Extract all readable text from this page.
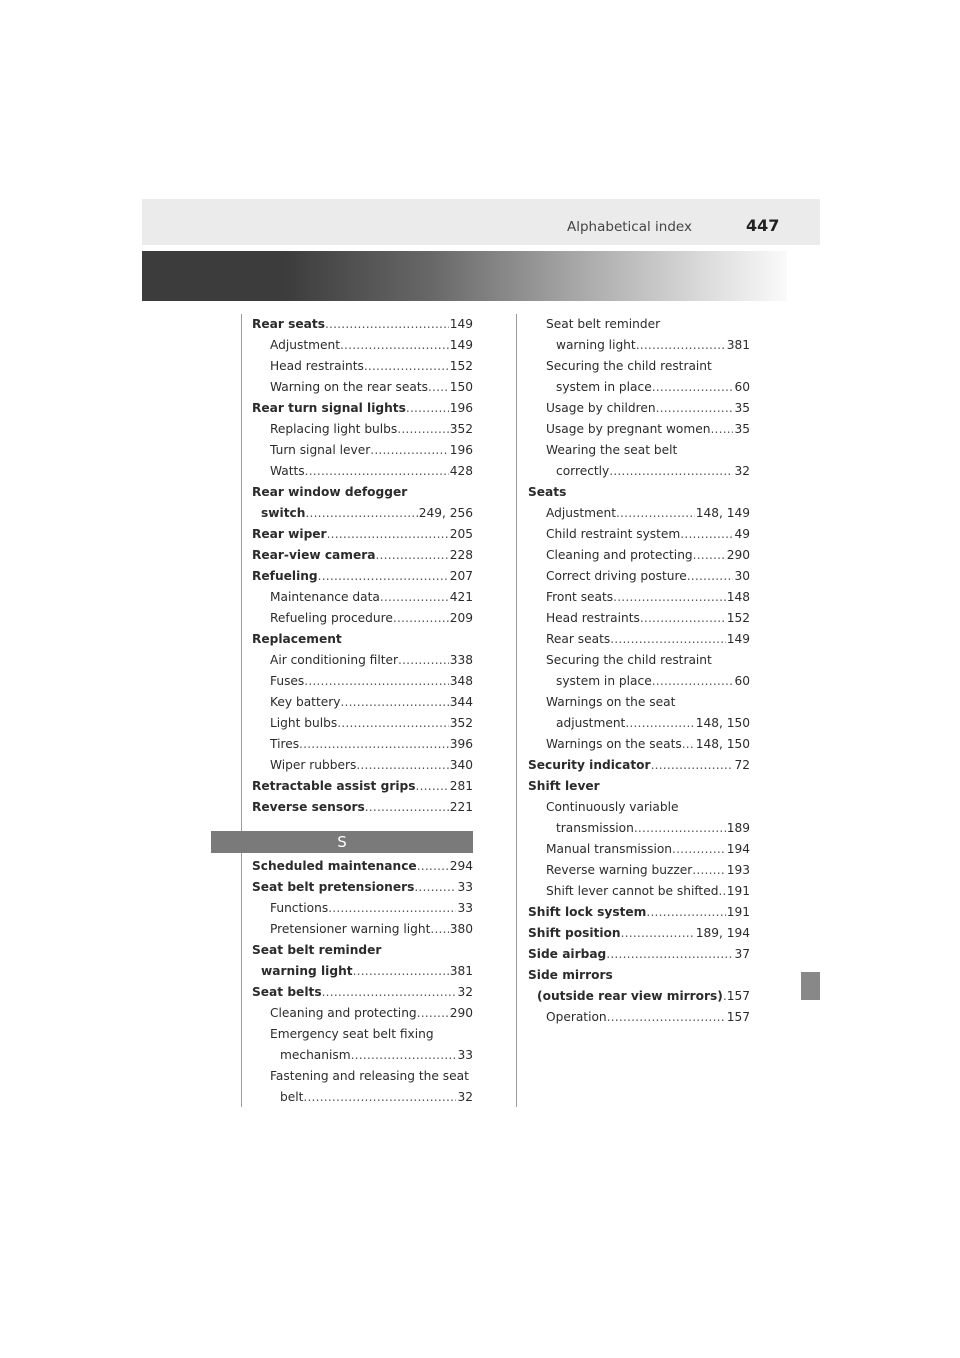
Alphabetical index	447
Rear seats .....	149
Adjustment .....	149
Head restraints .....	152
Warning on the rear seats ..... 150
Rear turn signal lights .....	196
Replacing light bulbs .....	352
Turn signal lever .....	196
Watts .....	428
Rear window defogger
switch .....	249, 256
Rear wiper .....	205
Rear-view camera .....	228
Refueling .....	207
Maintenance data .....	421
Refueling procedure .....	209
Replacement
Air conditioning filter .....	338
Fuses .....	348
Key battery .....	344
Light bulbs .....	352
Tires .....	396
Wiper rubbers .....	340
Retractable assist grips .....	281
Reverse sensors .....	221
S
Scheduled maintenance .....	294
Seat belt pretensioners .....	33
Functions .....	33
Pretensioner warning light ..... 380
Seat belt reminder
warning light .....	381
Seat belts .....	32
Cleaning and protecting .....	290
Emergency seat belt fixing
mechanism .....	33
Fastening and releasing the seat
belt .....	32
Seat belt reminder
warning light .....	381
Securing the child restraint
system in place .....	60
Usage by children .....	35
Usage by pregnant women ..... 35
Wearing the seat belt
correctly .....	32
Seats
Adjustment .....	148, 149
Child restraint system .....	49
Cleaning and protecting .....	290
Correct driving posture .....	30
Front seats .....	148
Head restraints .....	152
Rear seats .....	149
Securing the child restraint
system in place .....	60
Warnings on the seat
adjustment .....	148, 150
Warnings on the seats ..... 148, 150
Security indicator .....	72
Shift lever
Continuously variable
transmission .....	189
Manual transmission .....	194
Reverse warning buzzer .....	193
Shift lever cannot be shifted ..... 191
Shift lock system .....	191
Shift position .....	189, 194
Side airbag .....	37
Side mirrors
(outside rear view mirrors) ..... 157
Operation .....	157
